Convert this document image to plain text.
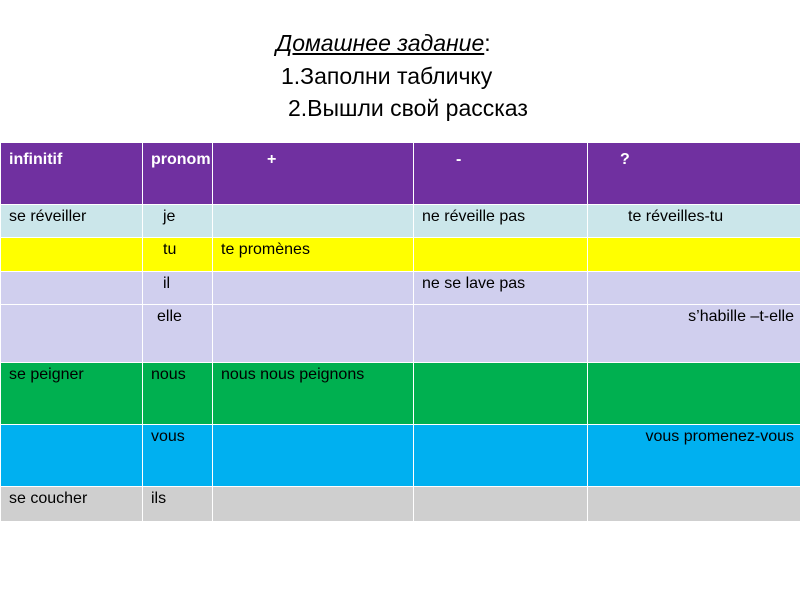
Домашнее задание:
1.Заполни табличку
2.Вышли свой рассказ
infinitif	pronom	+	-	?
se réveiller	je		ne réveille pas	te réveilles-tu
	tu	te promènes		
	il		ne se lave pas	
	elle			s’habille –t-elle
se peigner	nous	nous nous peignons		
	vous			vous promenez-vous
se coucher	ils			
